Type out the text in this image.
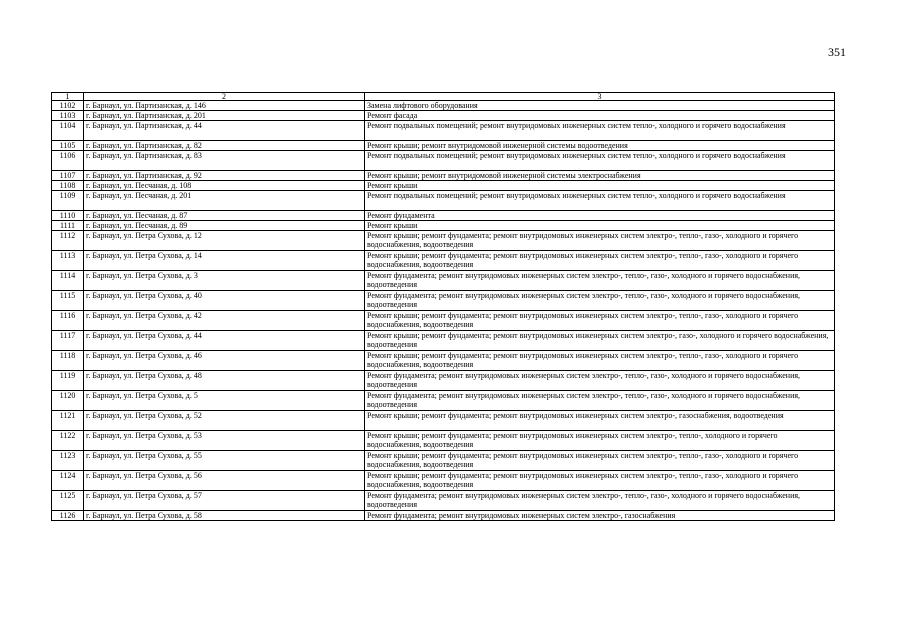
351
1	2	3
1102	г. Барнаул, ул. Партизанская, д. 146	Замена лифтового оборудования
1103	г. Барнаул, ул. Партизанская, д. 201	Ремонт фасада
1104	г. Барнаул, ул. Партизанская, д. 44	Ремонт подвальных помещений; ремонт внутридомовых инженерных систем тепло-, холодного и горячего водоснабжения
1105	г. Барнаул, ул. Партизанская, д. 82	Ремонт крыши; ремонт внутридомовой инженерной системы водоотведения
1106	г. Барнаул, ул. Партизанская, д. 83	Ремонт подвальных помещений; ремонт внутридомовых инженерных систем тепло-, холодного и горячего водоснабжения
1107	г. Барнаул, ул. Партизанская, д. 92	Ремонт крыши; ремонт внутридомовой инженерной системы электроснабжения
1108	г. Барнаул, ул. Песчаная, д. 108	Ремонт крыши
1109	г. Барнаул, ул. Песчаная, д. 201	Ремонт подвальных помещений; ремонт внутридомовых инженерных систем тепло-, холодного и горячего водоснабжения
1110	г. Барнаул, ул. Песчаная, д. 87	Ремонт фундамента
1111	г. Барнаул, ул. Песчаная, д. 89	Ремонт крыши
1112	г. Барнаул, ул. Петра Сухова, д. 12	Ремонт крыши; ремонт фундамента; ремонт внутридомовых инженерных систем электро-, тепло-, газо-, холодного и горячего водоснабжения, водоотведения
1113	г. Барнаул, ул. Петра Сухова, д. 14	Ремонт крыши; ремонт фундамента; ремонт внутридомовых инженерных систем электро-, тепло-, газо-, холодного и горячего водоснабжения, водоотведения
1114	г. Барнаул, ул. Петра Сухова, д. 3	Ремонт фундамента; ремонт внутридомовых инженерных систем электро-, тепло-, газо-, холодного и горячего водоснабжения, водоотведения
1115	г. Барнаул, ул. Петра Сухова, д. 40	Ремонт фундамента; ремонт внутридомовых инженерных систем электро-, тепло-, газо-, холодного и горячего водоснабжения, водоотведения
1116	г. Барнаул, ул. Петра Сухова, д. 42	Ремонт крыши; ремонт фундамента; ремонт внутридомовых инженерных систем электро-, тепло-, газо-, холодного и горячего водоснабжения, водоотведения
1117	г. Барнаул, ул. Петра Сухова, д. 44	Ремонт крыши; ремонт фундамента; ремонт внутридомовых инженерных систем электро-, газо-, холодного и горячего водоснабжения, водоотведения
1118	г. Барнаул, ул. Петра Сухова, д. 46	Ремонт крыши; ремонт фундамента; ремонт внутридомовых инженерных систем электро-, тепло-, газо-, холодного и горячего водоснабжения, водоотведения
1119	г. Барнаул, ул. Петра Сухова, д. 48	Ремонт фундамента; ремонт внутридомовых инженерных систем электро-, тепло-, газо-, холодного и горячего водоснабжения, водоотведения
1120	г. Барнаул, ул. Петра Сухова, д. 5	Ремонт фундамента; ремонт внутридомовых инженерных систем электро-, тепло-, газо-, холодного и горячего водоснабжения, водоотведения
1121	г. Барнаул, ул. Петра Сухова, д. 52	Ремонт крыши; ремонт фундамента; ремонт внутридомовых инженерных систем электро-, газоснабжения, водоотведения
1122	г. Барнаул, ул. Петра Сухова, д. 53	Ремонт крыши; ремонт фундамента; ремонт внутридомовых инженерных систем электро-, тепло-, холодного и горячего водоснабжения, водоотведения
1123	г. Барнаул, ул. Петра Сухова, д. 55	Ремонт крыши; ремонт фундамента; ремонт внутридомовых инженерных систем электро-, тепло-, газо-, холодного и горячего водоснабжения, водоотведения
1124	г. Барнаул, ул. Петра Сухова, д. 56	Ремонт крыши; ремонт фундамента; ремонт внутридомовых инженерных систем электро-, тепло-, газо-, холодного и горячего водоснабжения, водоотведения
1125	г. Барнаул, ул. Петра Сухова, д. 57	Ремонт фундамента; ремонт внутридомовых инженерных систем электро-, тепло-, газо-, холодного и горячего водоснабжения, водоотведения
1126	г. Барнаул, ул. Петра Сухова, д. 58	Ремонт фундамента; ремонт внутридомовых инженерных систем электро-, газоснабжения
